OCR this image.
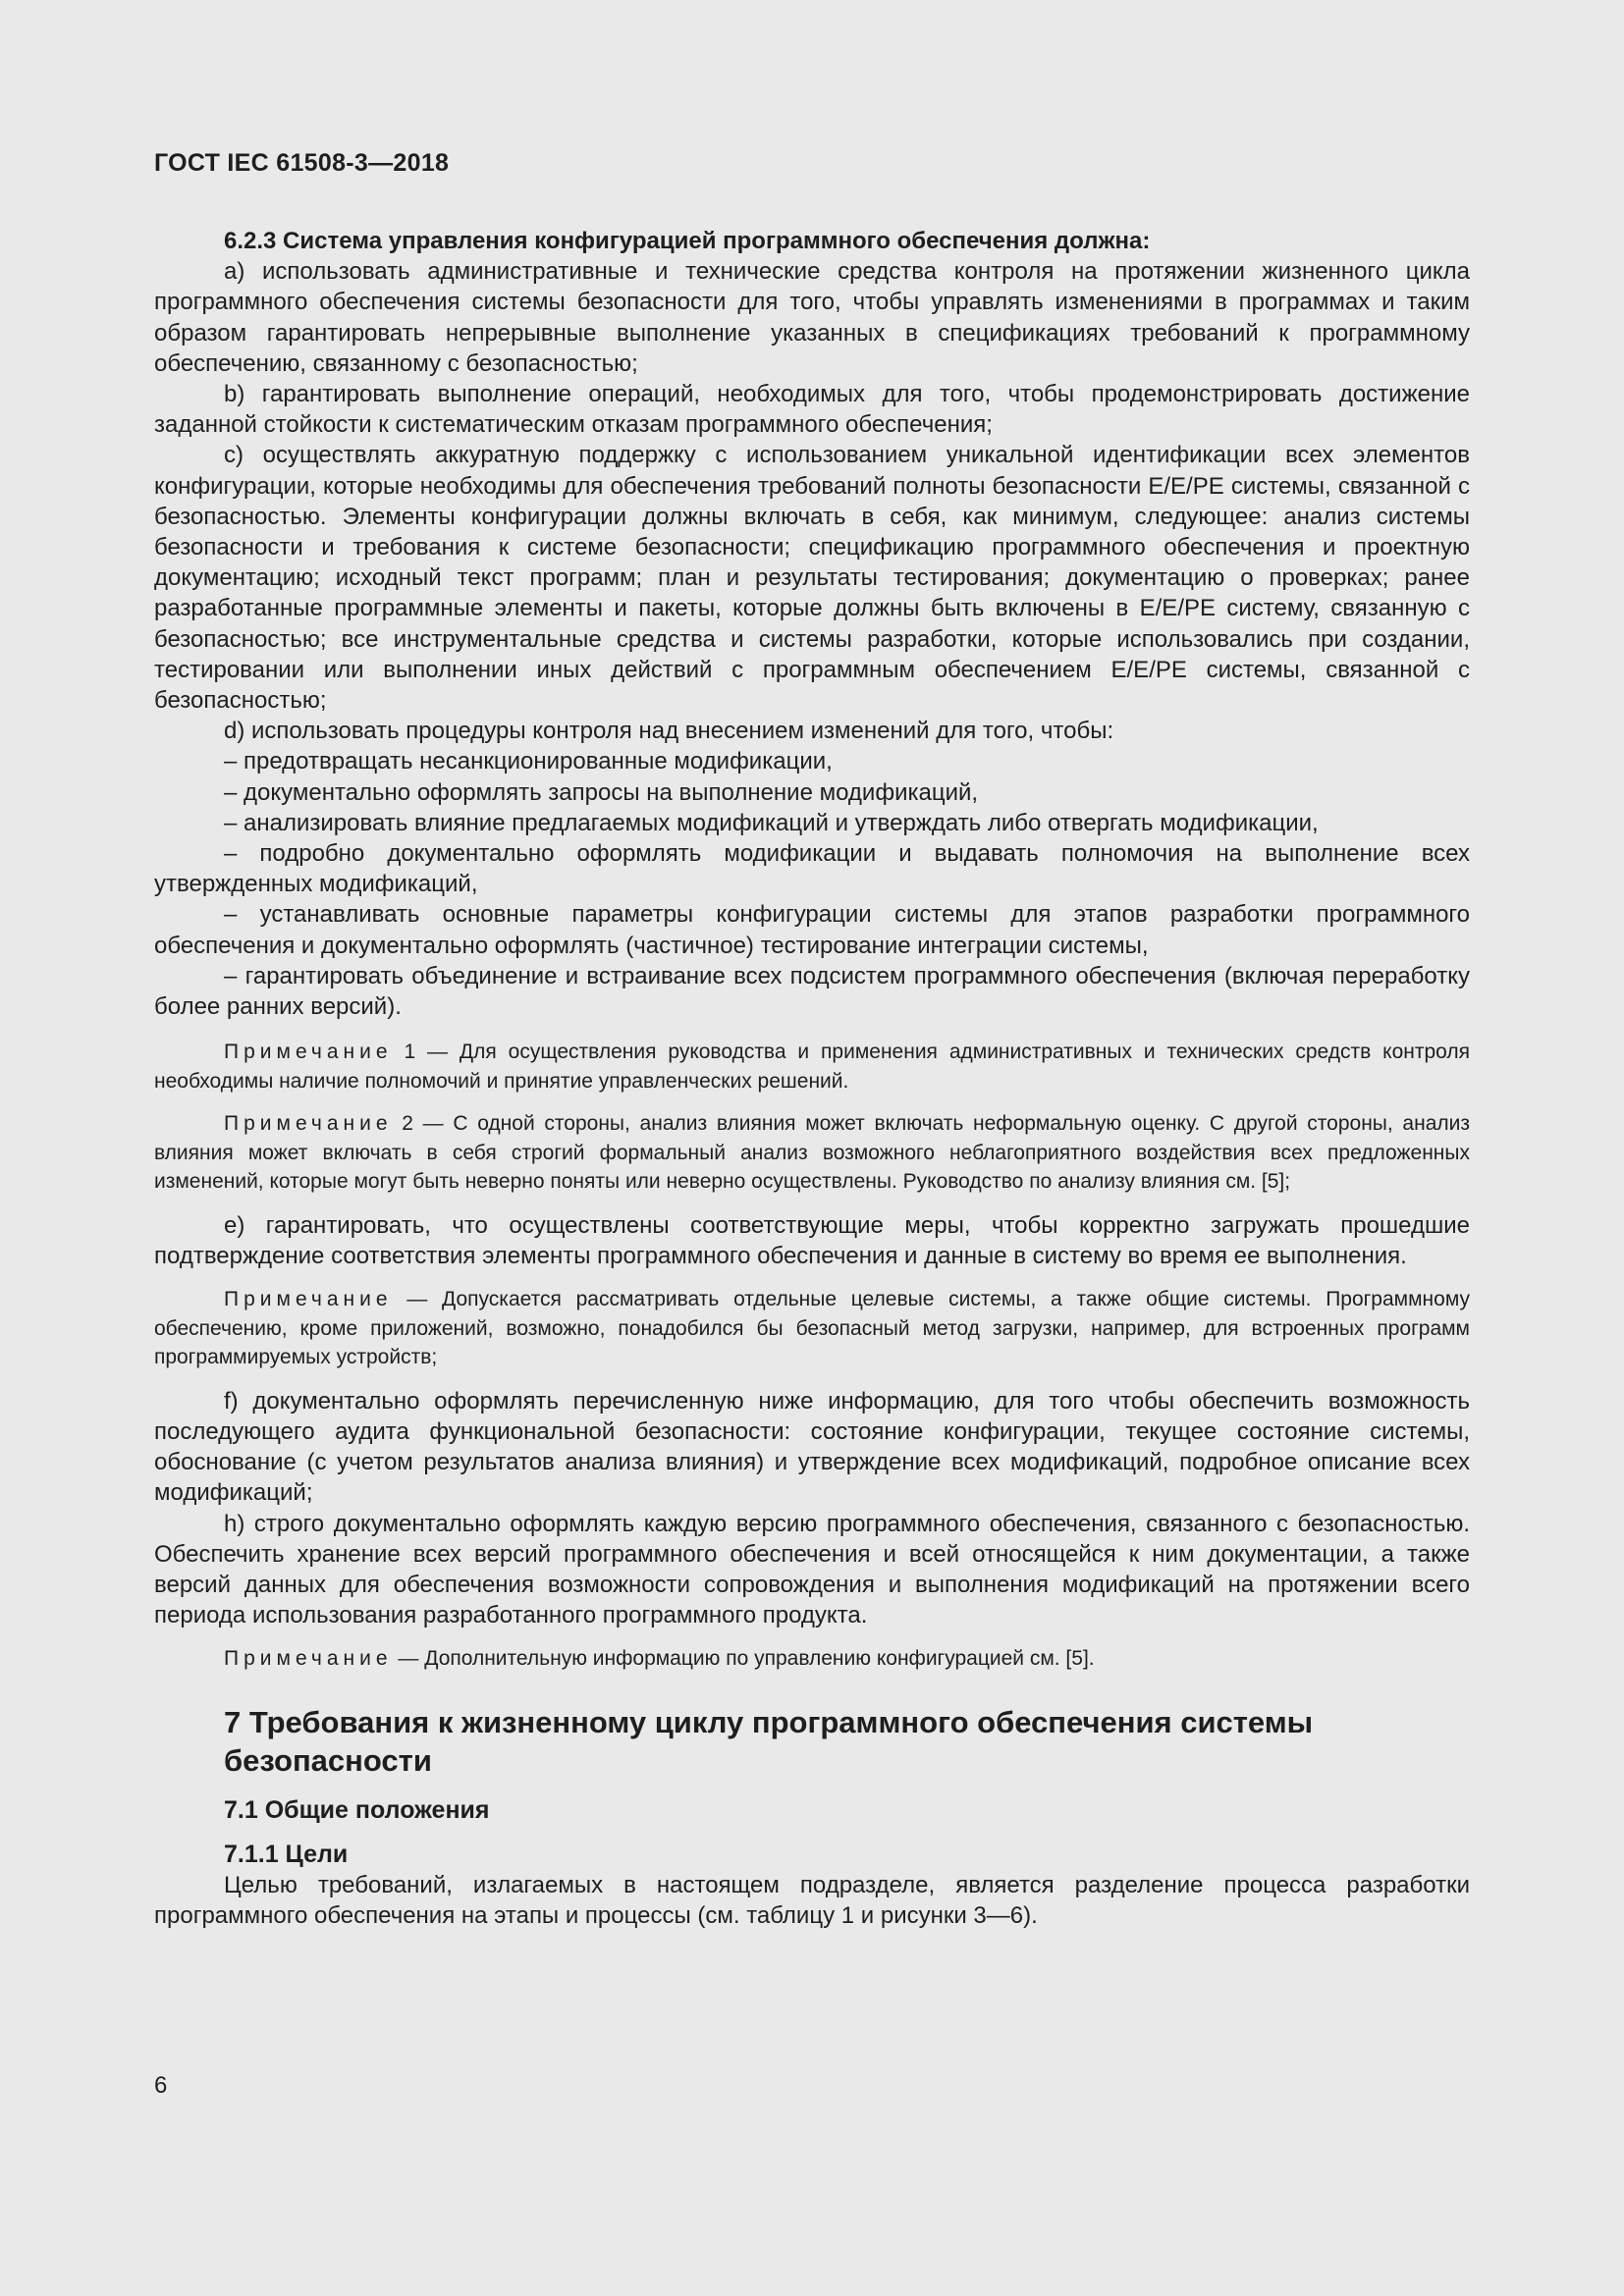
ГОСТ IEC 61508-3—2018

6.2.3 Система управления конфигурацией программного обеспечения должна:

a) использовать административные и технические средства контроля на протяжении жизненного цикла программного обеспечения системы безопасности для того, чтобы управлять изменениями в программах и таким образом гарантировать непрерывные выполнение указанных в спецификациях требований к программному обеспечению, связанному с безопасностью;

b) гарантировать выполнение операций, необходимых для того, чтобы продемонстрировать достижение заданной стойкости к систематическим отказам программного обеспечения;

c) осуществлять аккуратную поддержку с использованием уникальной идентификации всех элементов конфигурации, которые необходимы для обеспечения требований полноты безопасности E/E/PE системы, связанной с безопасностью. Элементы конфигурации должны включать в себя, как минимум, следующее: анализ системы безопасности и требования к системе безопасности; спецификацию программного обеспечения и проектную документацию; исходный текст программ; план и результаты тестирования; документацию о проверках; ранее разработанные программные элементы и пакеты, которые должны быть включены в E/E/PE систему, связанную с безопасностью; все инструментальные средства и системы разработки, которые использовались при создании, тестировании или выполнении иных действий с программным обеспечением E/E/PE системы, связанной с безопасностью;

d) использовать процедуры контроля над внесением изменений для того, чтобы:

– предотвращать несанкционированные модификации,

– документально оформлять запросы на выполнение модификаций,

– анализировать влияние предлагаемых модификаций и утверждать либо отвергать модификации,

– подробно документально оформлять модификации и выдавать полномочия на выполнение всех утвержденных модификаций,

– устанавливать основные параметры конфигурации системы для этапов разработки программного обеспечения и документально оформлять (частичное) тестирование интеграции системы,

– гарантировать объединение и встраивание всех подсистем программного обеспечения (включая переработку более ранних версий).

Примечание 1 — Для осуществления руководства и применения административных и технических средств контроля необходимы наличие полномочий и принятие управленческих решений.

Примечание 2 — С одной стороны, анализ влияния может включать неформальную оценку. С другой стороны, анализ влияния может включать в себя строгий формальный анализ возможного неблагоприятного воздействия всех предложенных изменений, которые могут быть неверно поняты или неверно осуществлены. Руководство по анализу влияния см. [5];

e) гарантировать, что осуществлены соответствующие меры, чтобы корректно загружать прошедшие подтверждение соответствия элементы программного обеспечения и данные в систему во время ее выполнения.

Примечание — Допускается рассматривать отдельные целевые системы, а также общие системы. Программному обеспечению, кроме приложений, возможно, понадобился бы безопасный метод загрузки, например, для встроенных программ программируемых устройств;

f) документально оформлять перечисленную ниже информацию, для того чтобы обеспечить возможность последующего аудита функциональной безопасности: состояние конфигурации, текущее состояние системы, обоснование (с учетом результатов анализа влияния) и утверждение всех модификаций, подробное описание всех модификаций;

h) строго документально оформлять каждую версию программного обеспечения, связанного с безопасностью. Обеспечить хранение всех версий программного обеспечения и всей относящейся к ним документации, а также версий данных для обеспечения возможности сопровождения и выполнения модификаций на протяжении всего периода использования разработанного программного продукта.

Примечание — Дополнительную информацию по управлению конфигурацией см. [5].

7 Требования к жизненному циклу программного обеспечения системы безопасности

7.1 Общие положения

7.1.1 Цели

Целью требований, излагаемых в настоящем подразделе, является разделение процесса разработки программного обеспечения на этапы и процессы (см. таблицу 1 и рисунки 3—6).

6
